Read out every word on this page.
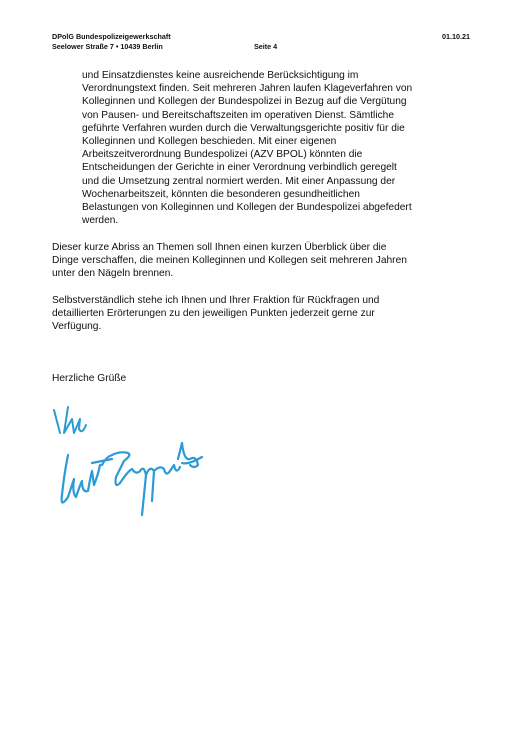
DPolG Bundespolizeigewerkschaft	01.10.21
Seelower Straße 7 • 10439 Berlin	Seite 4

und Einsatzdienstes keine ausreichende Berücksichtigung im

Verordnungstext finden. Seit mehreren Jahren laufen Klageverfahren von

Kolleginnen und Kollegen der Bundespolizei in Bezug auf die Vergütung

von Pausen- und Bereitschaftszeiten im operativen Dienst. Sämtliche

geführte Verfahren wurden durch die Verwaltungsgerichte positiv für die

Kolleginnen und Kollegen beschieden. Mit einer eigenen

Arbeitszeitverordnung Bundespolizei (AZV BPOL) könnten die

Entscheidungen der Gerichte in einer Verordnung verbindlich geregelt

und die Umsetzung zentral normiert werden. Mit einer Anpassung der

Wochenarbeitszeit, könnten die besonderen gesundheitlichen

Belastungen von Kolleginnen und Kollegen der Bundespolizei abgefedert

werden.

Dieser kurze Abriss an Themen soll Ihnen einen kurzen Überblick über die

Dinge verschaffen, die meinen Kolleginnen und Kollegen seit mehreren Jahren

unter den Nägeln brennen.

Selbstverständlich stehe ich Ihnen und Ihrer Fraktion für Rückfragen und

detaillierten Erörterungen zu den jeweiligen Punkten jederzeit gerne zur

Verfügung.

Herzliche Grüße
